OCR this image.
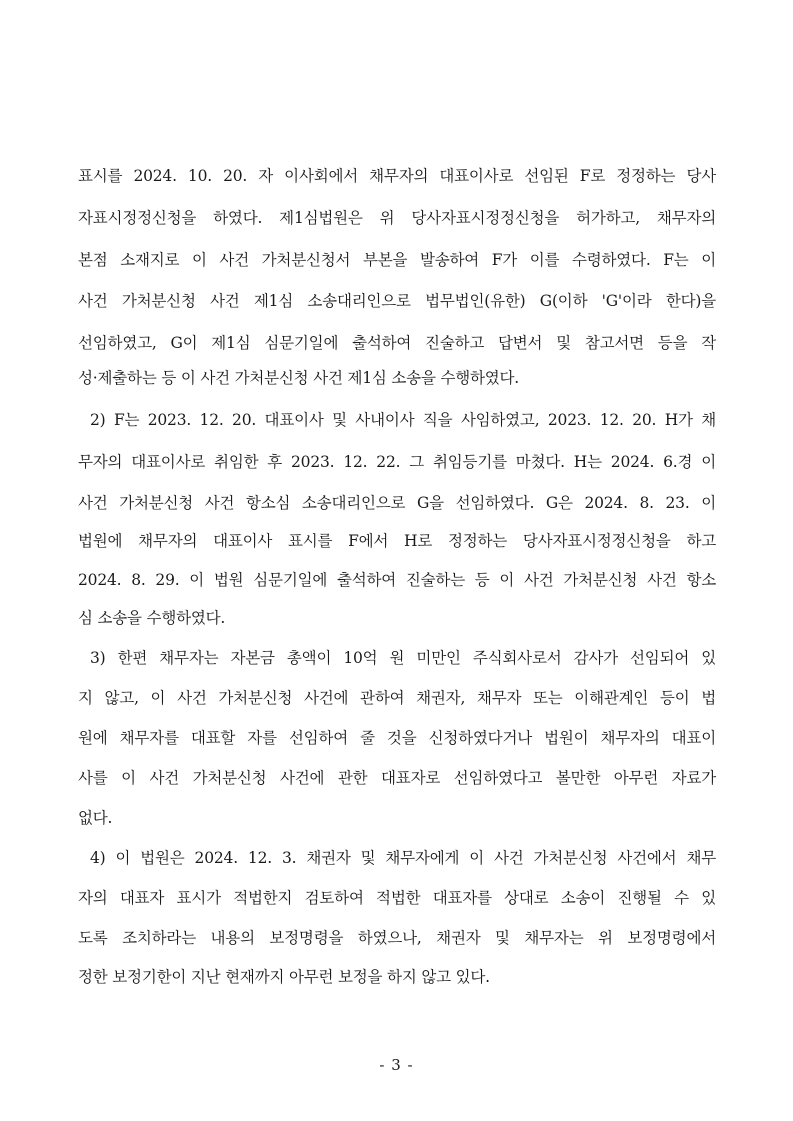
표시를 2024. 10. 20. 자 이사회에서 채무자의 대표이사로 선임된 F로 정정하는 당사
자표시정정신청을 하였다. 제1심법원은 위 당사자표시정정신청을 허가하고, 채무자의
본점 소재지로 이 사건 가처분신청서 부본을 발송하여 F가 이를 수령하였다. F는 이
사건 가처분신청 사건 제1심 소송대리인으로 법무법인(유한) G(이하 'G'이라 한다)을
선임하였고, G이 제1심 심문기일에 출석하여 진술하고 답변서 및 참고서면 등을 작
성·제출하는 등 이 사건 가처분신청 사건 제1심 소송을 수행하였다.
2) F는 2023. 12. 20. 대표이사 및 사내이사 직을 사임하였고, 2023. 12. 20. H가 채
무자의 대표이사로 취임한 후 2023. 12. 22. 그 취임등기를 마쳤다. H는 2024. 6.경 이
사건 가처분신청 사건 항소심 소송대리인으로 G을 선임하였다. G은 2024. 8. 23. 이
법원에 채무자의 대표이사 표시를 F에서 H로 정정하는 당사자표시정정신청을 하고
2024. 8. 29. 이 법원 심문기일에 출석하여 진술하는 등 이 사건 가처분신청 사건 항소
심 소송을 수행하였다.
3) 한편 채무자는 자본금 총액이 10억 원 미만인 주식회사로서 감사가 선임되어 있
지 않고, 이 사건 가처분신청 사건에 관하여 채권자, 채무자 또는 이해관계인 등이 법
원에 채무자를 대표할 자를 선임하여 줄 것을 신청하였다거나 법원이 채무자의 대표이
사를 이 사건 가처분신청 사건에 관한 대표자로 선임하였다고 볼만한 아무런 자료가
없다.
4) 이 법원은 2024. 12. 3. 채권자 및 채무자에게 이 사건 가처분신청 사건에서 채무
자의 대표자 표시가 적법한지 검토하여 적법한 대표자를 상대로 소송이 진행될 수 있
도록 조치하라는 내용의 보정명령을 하였으나, 채권자 및 채무자는 위 보정명령에서
정한 보정기한이 지난 현재까지 아무런 보정을 하지 않고 있다.
- 3 -
